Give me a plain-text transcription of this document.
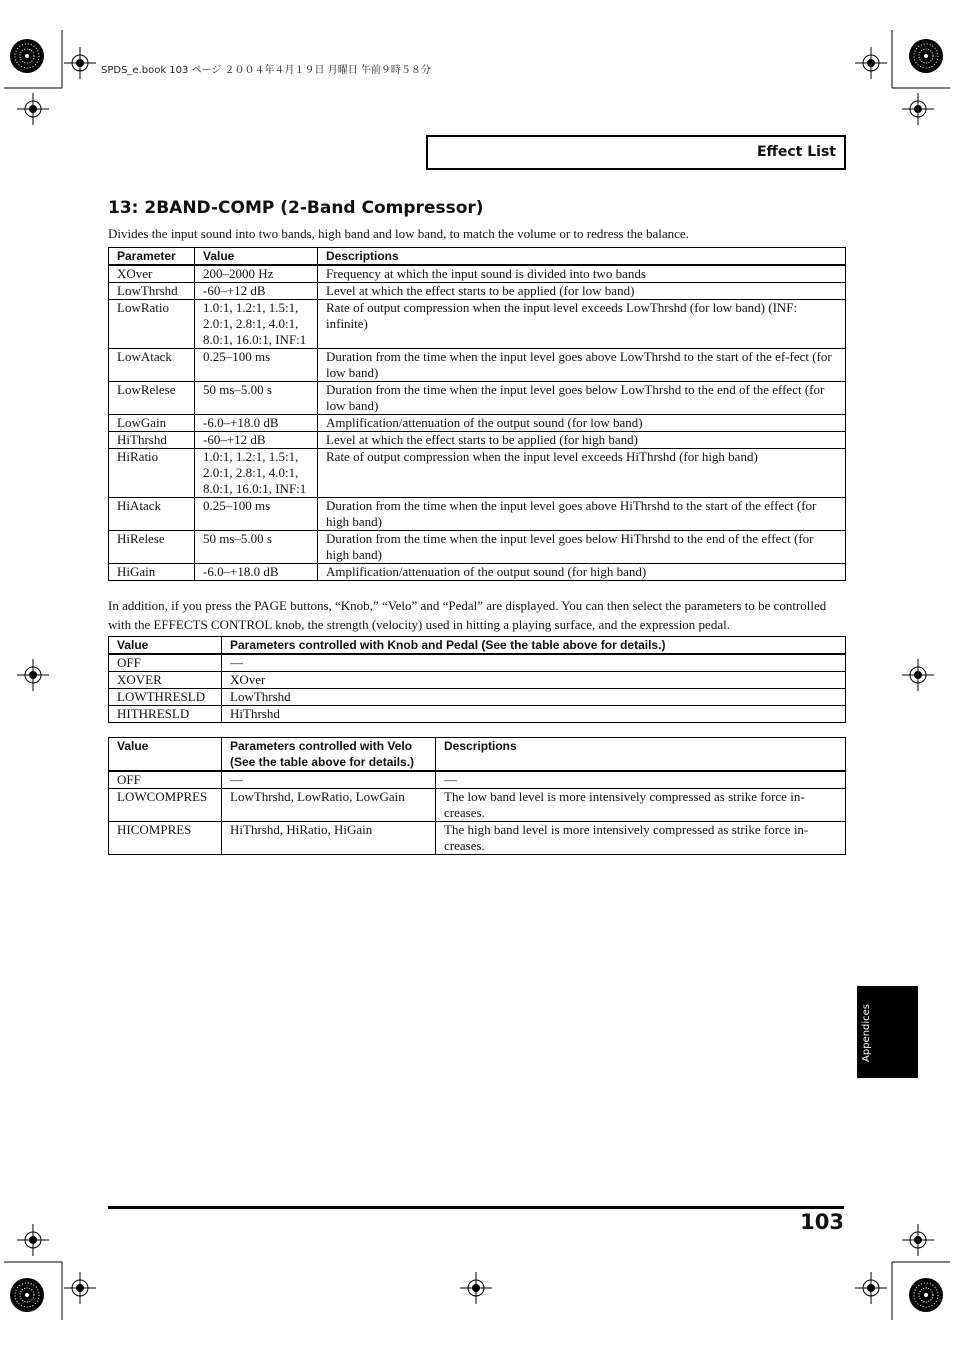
SPDS_e.book 103 ページ ２００４年４月１９日 月曜日 午前９時５８分
Effect List
13: 2BAND-COMP (2-Band Compressor)
Divides the input sound into two bands, high band and low band, to match the volume or to redress the balance.
Parameter	Value	Descriptions
XOver	200–2000 Hz	Frequency at which the input sound is divided into two bands
LowThrshd	-60–+12 dB	Level at which the effect starts to be applied (for low band)
LowRatio	1.0:1, 1.2:1, 1.5:1, 2.0:1, 2.8:1, 4.0:1, 8.0:1, 16.0:1, INF:1	Rate of output compression when the input level exceeds LowThrshd (for low band) (INF: infinite)
LowAtack	0.25–100 ms	Duration from the time when the input level goes above LowThrshd to the start of the ef-fect (for low band)
LowRelese	50 ms–5.00 s	Duration from the time when the input level goes below LowThrshd to the end of the effect (for low band)
LowGain	-6.0–+18.0 dB	Amplification/attenuation of the output sound (for low band)
HiThrshd	-60–+12 dB	Level at which the effect starts to be applied (for high band)
HiRatio	1.0:1, 1.2:1, 1.5:1, 2.0:1, 2.8:1, 4.0:1, 8.0:1, 16.0:1, INF:1	Rate of output compression when the input level exceeds HiThrshd (for high band)
HiAtack	0.25–100 ms	Duration from the time when the input level goes above HiThrshd to the start of the effect (for high band)
HiRelese	50 ms–5.00 s	Duration from the time when the input level goes below HiThrshd to the end of the effect (for high band)
HiGain	-6.0–+18.0 dB	Amplification/attenuation of the output sound (for high band)
In addition, if you press the PAGE buttons, “Knob,” “Velo” and “Pedal” are displayed. You can then select the parameters to be controlled with the EFFECTS CONTROL knob, the strength (velocity) used in hitting a playing surface, and the expression pedal.
Value	Parameters controlled with Knob and Pedal (See the table above for details.)
OFF	—
XOVER	XOver
LOWTHRESLD	LowThrshd
HITHRESLD	HiThrshd
Value	Parameters controlled with Velo (See the table above for details.)	Descriptions
OFF	—	—
LOWCOMPRES	LowThrshd, LowRatio, LowGain	The low band level is more intensively compressed as strike force in-creases.
HICOMPRES	HiThrshd, HiRatio, HiGain	The high band level is more intensively compressed as strike force in-creases.
Appendices
103
